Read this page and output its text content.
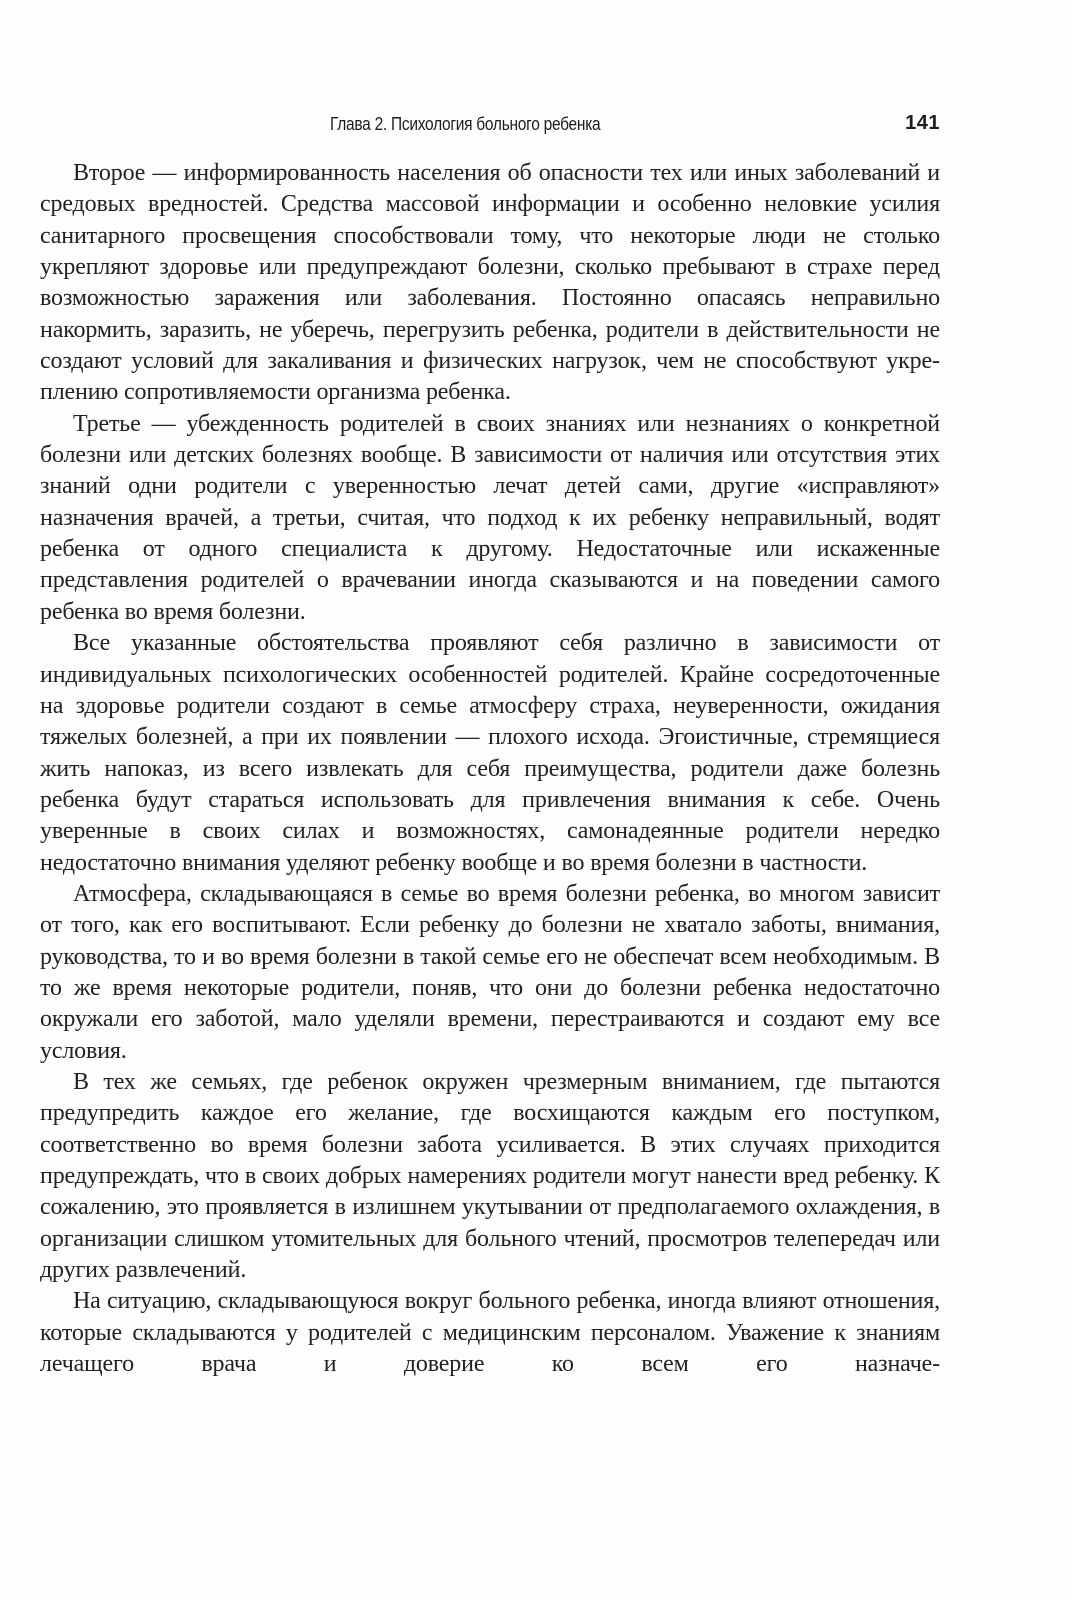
Глава 2. Психология больного ребенка	141

Второе — информированность населения об опасности тех или иных заболеваний и средовых вредностей. Средства массовой информации и особенно неловкие усилия санитарного просвещения способствовали тому, что некоторые люди не столько укрепляют здоровье или предупреждают болезни, сколько пребывают в страхе перед возможностью заражения или заболевания. Постоянно опасаясь неправильно накормить, заразить, не уберечь, перегрузить ребенка, родители в действительности не создают условий для закаливания и физических нагрузок, чем не способствуют укреплению сопротивляемости организма ребенка.

Третье — убежденность родителей в своих знаниях или незнаниях о конкретной болезни или детских болезнях вообще. В зависимости от наличия или отсутствия этих знаний одни родители с уверенностью лечат детей сами, другие «исправляют» назначения врачей, а третьи, считая, что подход к их ребенку неправильный, водят ребенка от одного специалиста к другому. Недостаточные или искаженные представления родителей о врачевании иногда сказываются и на поведении самого ребенка во время болезни.

Все указанные обстоятельства проявляют себя различно в зависимости от индивидуальных психологических особенностей родителей. Крайне сосредоточенные на здоровье родители создают в семье атмосферу страха, неуверенности, ожидания тяжелых болезней, а при их появлении — плохого исхода. Эгоистичные, стремящиеся жить напоказ, из всего извлекать для себя преимущества, родители даже болезнь ребенка будут стараться использовать для привлечения внимания к себе. Очень уверенные в своих силах и возможностях, самонадеянные родители нередко недостаточно внимания уделяют ребенку вообще и во время болезни в частности.

Атмосфера, складывающаяся в семье во время болезни ребенка, во многом зависит от того, как его воспитывают. Если ребенку до болезни не хватало заботы, внимания, руководства, то и во время болезни в такой семье его не обеспечат всем необходимым. В то же время некоторые родители, поняв, что они до болезни ребенка недостаточно окружали его заботой, мало уделяли времени, перестраиваются и создают ему все условия.

В тех же семьях, где ребенок окружен чрезмерным вниманием, где пытаются предупредить каждое его желание, где восхищаются каждым его поступком, соответственно во время болезни забота усиливается. В этих случаях приходится предупреждать, что в своих добрых намерениях родители могут нанести вред ребенку. К сожалению, это проявляется в излишнем укутывании от предполагаемого охлаждения, в организации слишком утомительных для больного чтений, просмотров телепередач или других развлечений.

На ситуацию, складывающуюся вокруг больного ребенка, иногда влияют отношения, которые складываются у родителей с медицинским персоналом. Уважение к знаниям лечащего врача и доверие ко всем его назначе-
